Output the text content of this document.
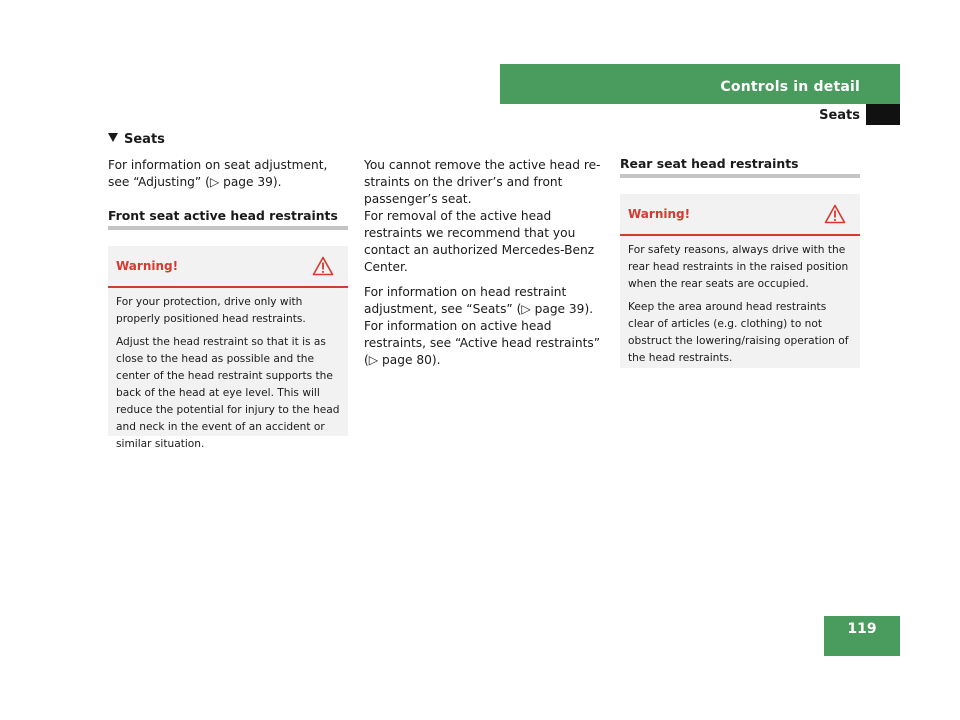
Controls in detail
Seats
Seats
For information on seat adjustment, see “Adjusting” (▷ page 39).
Front seat active head restraints
Warning!

For your protection, drive only with properly positioned head restraints.

Adjust the head restraint so that it is as close to the head as possible and the center of the head restraint supports the back of the head at eye level. This will reduce the potential for injury to the head and neck in the event of an accident or similar situation.

You cannot remove the active head restraints on the driver’s and front passenger’s seat.

For removal of the active head restraints we recommend that you contact an authorized Mercedes-Benz Center.

For information on head restraint adjustment, see “Seats” (▷ page 39).

For information on active head restraints, see “Active head restraints” (▷ page 80).

Rear seat head restraints
Warning!

For safety reasons, always drive with the rear head restraints in the raised position when the rear seats are occupied.

Keep the area around head restraints clear of articles (e.g. clothing) to not obstruct the lowering/raising operation of the head restraints.

119
